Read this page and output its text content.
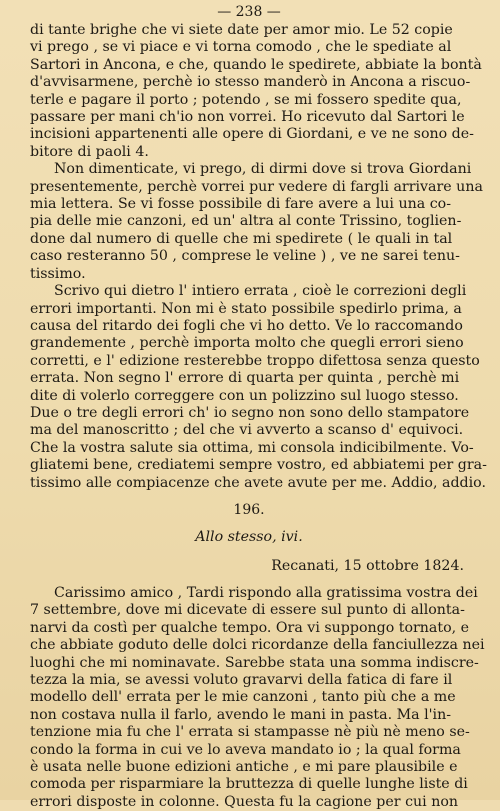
— 238 —
di tante brighe che vi siete date per amor mio. Le 52 copie
vi prego , se vi piace e vi torna comodo , che le spediate al
Sartori in Ancona, e che, quando le spedirete, abbiate la bontà
d'avvisarmene, perchè io stesso manderò in Ancona a riscuo-
terle e pagare il porto ; potendo , se mi fossero spedite qua,
passare per mani ch'io non vorrei. Ho ricevuto dal Sartori le
incisioni appartenenti alle opere di Giordani, e ve ne sono de-
bitore di paoli 4.
Non dimenticate, vi prego, di dirmi dove si trova Giordani
presentemente, perchè vorrei pur vedere di fargli arrivare una
mia lettera. Se vi fosse possibile di fare avere a lui una co-
pia delle mie canzoni, ed un' altra al conte Trissino, toglien-
done dal numero di quelle che mi spedirete ( le quali in tal
caso resteranno 50 , comprese le veline ) , ve ne sarei tenu-
tissimo.
Scrivo qui dietro l' intiero errata , cioè le correzioni degli
errori importanti. Non mi è stato possibile spedirlo prima, a
causa del ritardo dei fogli che vi ho detto. Ve lo raccomando
grandemente , perchè importa molto che quegli errori sieno
corretti, e l' edizione resterebbe troppo difettosa senza questo
errata. Non segno l' errore di quarta per quinta , perchè mi
dite di volerlo correggere con un polizzino sul luogo stesso.
Due o tre degli errori ch' io segno non sono dello stampatore
ma del manoscritto ; del che vi avverto a scanso d' equivoci.
Che la vostra salute sia ottima, mi consola indicibilmente. Vo-
gliatemi bene, crediatemi sempre vostro, ed abbiatemi per gra-
tissimo alle compiacenze che avete avute per me. Addio, addio.
196.
Allo stesso, ivi.
Recanati, 15 ottobre 1824.
Carissimo amico , Tardi rispondo alla gratissima vostra dei
7 settembre, dove mi dicevate di essere sul punto di allonta-
narvi da costì per qualche tempo. Ora vi suppongo tornato, e
che abbiate goduto delle dolci ricordanze della fanciullezza nei
luoghi che mi nominavate. Sarebbe stata una somma indiscre-
tezza la mia, se avessi voluto gravarvi della fatica di fare il
modello dell' errata per le mie canzoni , tanto più che a me
non costava nulla il farlo, avendo le mani in pasta. Ma l'in-
tenzione mia fu che l' errata si stampasse nè più nè meno se-
condo la forma in cui ve lo aveva mandato io ; la qual forma
è usata nelle buone edizioni antiche , e mi pare plausibile e
comoda per risparmiare la bruttezza di quelle lunghe liste di
errori disposte in colonne. Questa fu la cagione per cui non
